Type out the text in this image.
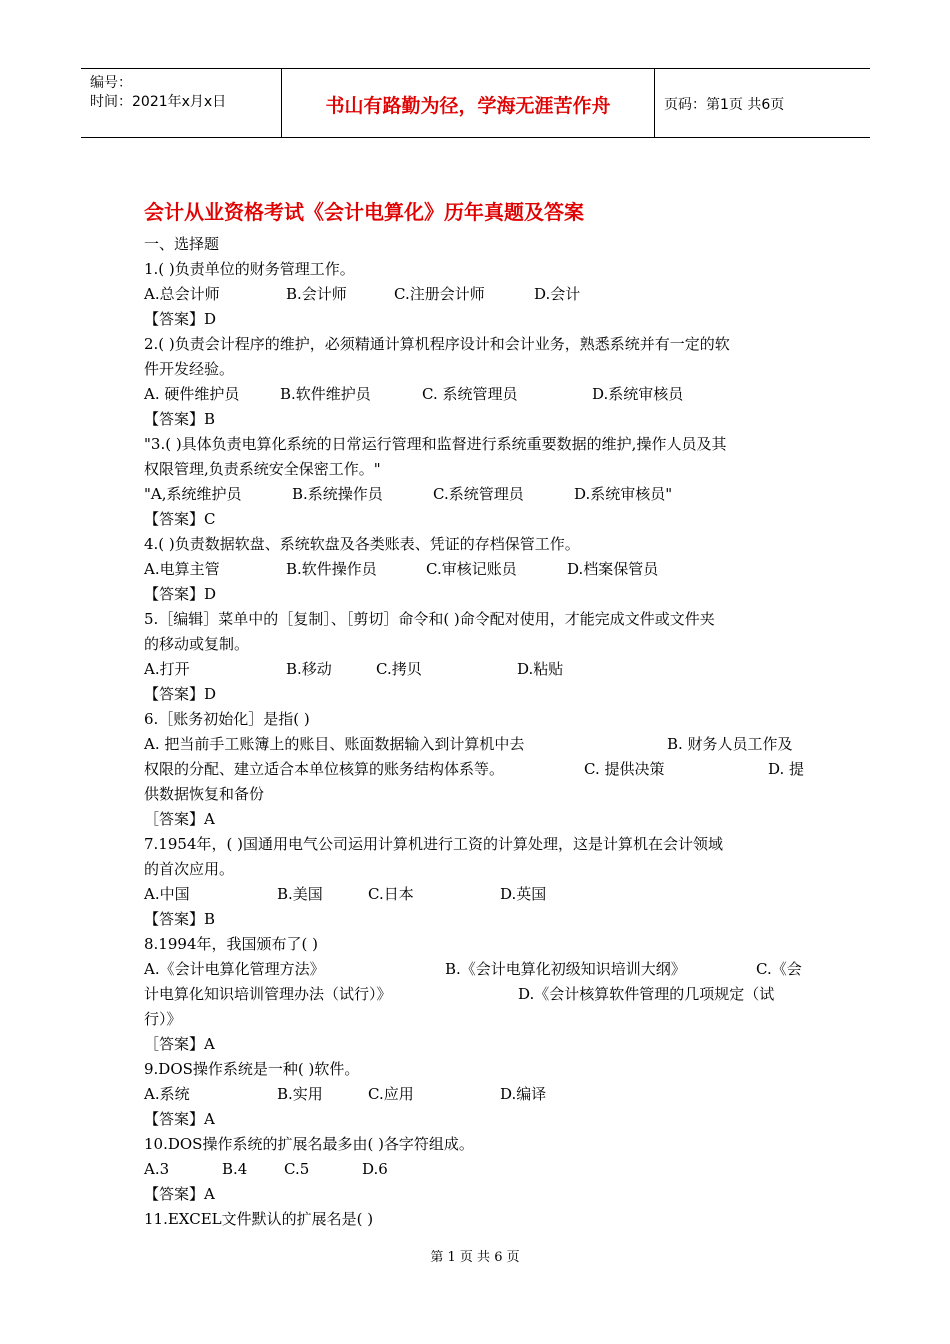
编号：
时间：2021年x月x日	书山有路勤为径，学海无涯苦作舟	页码：第1页 共6页
会计从业资格考试《会计电算化》历年真题及答案
一、选择题
1.( )负责单位的财务管理工作。
A.总会计师	B.会计师	C.注册会计师	D.会计
【答案】D
2.( )负责会计程序的维护，必须精通计算机程序设计和会计业务，熟悉系统并有一定的软
件开发经验。
A. 硬件维护员	B.软件维护员	C. 系统管理员	D.系统审核员
【答案】B
"3.( )具体负责电算化系统的日常运行管理和监督进行系统重要数据的维护,操作人员及其
权限管理,负责系统安全保密工作。"
"A,系统维护员	B.系统操作员	C.系统管理员	D.系统审核员"
【答案】C
4.( )负责数据软盘、系统软盘及各类账表、凭证的存档保管工作。
A.电算主管	B.软件操作员	C.审核记账员	D.档案保管员
【答案】D
5.［编辑］菜单中的［复制］、［剪切］命令和( )命令配对使用，才能完成文件或文件夹
的移动或复制。
A.打开	B.移动	C.拷贝	D.粘贴
【答案】D
6.［账务初始化］是指( )
A. 把当前手工账簿上的账目、账面数据输入到计算机中去	B. 财务人员工作及
权限的分配、建立适合本单位核算的账务结构体系等。	C. 提供决策	D. 提
供数据恢复和备份
［答案】A
7.1954年，( )国通用电气公司运用计算机进行工资的计算处理，这是计算机在会计领域
的首次应用。
A.中国	B.美国	C.日本	D.英国
【答案】B
8.1994年，我国颁布了( )
A.《会计电算化管理方法》	B.《会计电算化初级知识培训大纲》	C.《会
计电算化知识培训管理办法（试行）》	D.《会计核算软件管理的几项规定（试
行）》
［答案】A
9.DOS操作系统是一种( )软件。
A.系统	B.实用	C.应用	D.编译
【答案】A
10.DOS操作系统的扩展名最多由( )各字符组成。
A.3	B.4 C.5	D.6
【答案】A
11.EXCEL文件默认的扩展名是( )
第 1 页 共 6 页
